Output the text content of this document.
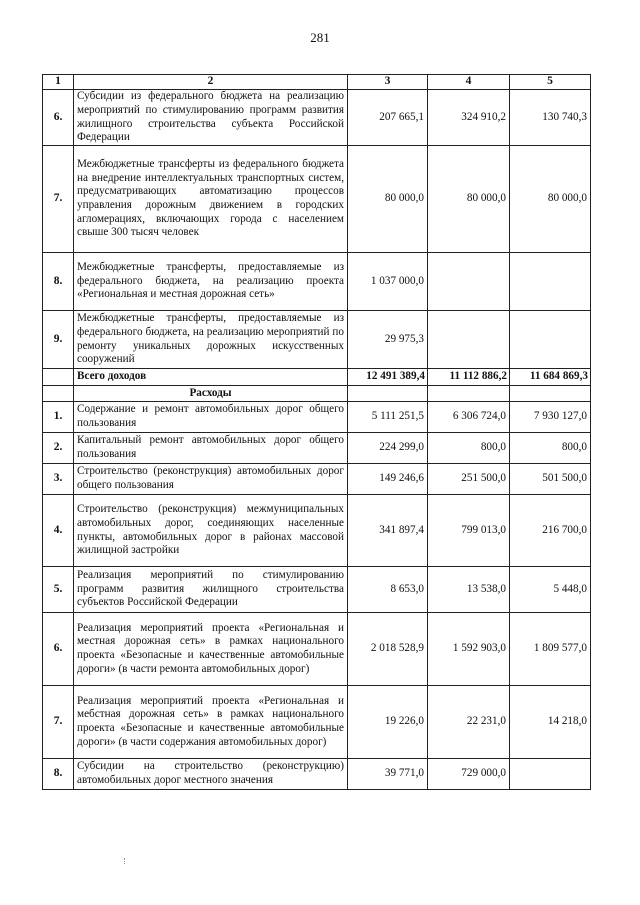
281
1	2	3	4	5
6.	Субсидии из федерального бюджета на реализацию мероприятий по стимулированию программ развития жилищного строительства субъекта Российской Федерации	207 665,1	324 910,2	130 740,3
7.	Межбюджетные трансферты из федерального бюджета на внедрение интеллектуальных транспортных систем, предусматривающих автоматизацию процессов управления дорожным движением в городских агломерациях, включающих города с населением свыше 300 тысяч человек	80 000,0	80 000,0	80 000,0
8.	Межбюджетные трансферты, предоставляемые из федерального бюджета, на реализацию проекта «Региональная и местная дорожная сеть»	1 037 000,0		
9.	Межбюджетные трансферты, предоставляемые из федерального бюджета, на реализацию мероприятий по ремонту уникальных дорожных искусственных сооружений	29 975,3		
	Всего доходов	12 491 389,4	11 112 886,2	11 684 869,3
	Расходы			
1.	Содержание и ремонт автомобильных дорог общего пользования	5 111 251,5	6 306 724,0	7 930 127,0
2.	Капитальный ремонт автомобильных дорог общего пользования	224 299,0	800,0	800,0
3.	Строительство (реконструкция) автомобильных дорог общего пользования	149 246,6	251 500,0	501 500,0
4.	Строительство (реконструкция) межмуниципальных автомобильных дорог, соединяющих населенные пункты, автомобильных дорог в районах массовой жилищной застройки	341 897,4	799 013,0	216 700,0
5.	Реализация мероприятий по стимулированию программ развития жилищного строительства субъектов Российской Федерации	8 653,0	13 538,0	5 448,0
6.	Реализация мероприятий проекта «Региональная и местная дорожная сеть» в рамках национального проекта «Безопасные и качественные автомобильные дороги» (в части ремонта автомобильных дорог)	2 018 528,9	1 592 903,0	1 809 577,0
7.	Реализация мероприятий проекта «Региональная и мебстная дорожная сеть» в рамках национального проекта «Безопасные и качественные автомобильные дороги» (в части содержания автомобильных дорог)	19 226,0	22 231,0	14 218,0
8.	Субсидии на строительство (реконструкцию) автомобильных дорог местного значения	39 771,0	729 000,0	
